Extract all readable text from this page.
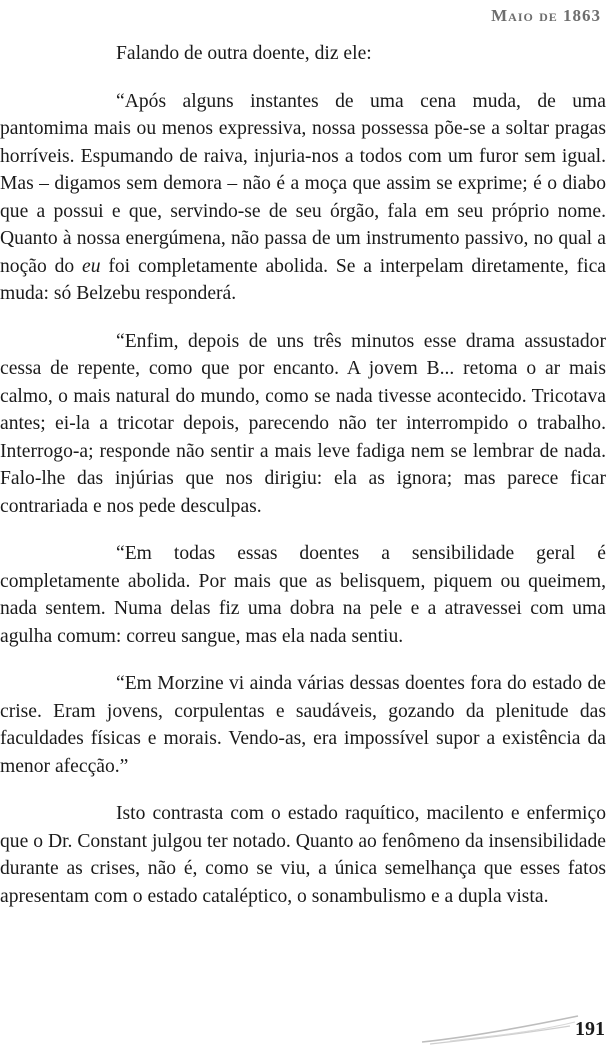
Maio de 1863

Falando de outra doente, diz ele:

“Após alguns instantes de uma cena muda, de uma pantomima mais ou menos expressiva, nossa possessa põe-se a soltar pragas horríveis. Espumando de raiva, injuria-nos a todos com um furor sem igual. Mas – digamos sem demora – não é a moça que assim se exprime; é o diabo que a possui e que, servindo-se de seu órgão, fala em seu próprio nome. Quanto à nossa energúmena, não passa de um instrumento passivo, no qual a noção do eu foi completamente abolida. Se a interpelam diretamente, fica muda: só Belzebu responderá.

“Enfim, depois de uns três minutos esse drama assustador cessa de repente, como que por encanto. A jovem B... retoma o ar mais calmo, o mais natural do mundo, como se nada tivesse acontecido. Tricotava antes; ei-la a tricotar depois, parecendo não ter interrompido o trabalho. Interrogo-a; responde não sentir a mais leve fadiga nem se lembrar de nada. Falo-lhe das injúrias que nos dirigiu: ela as ignora; mas parece ficar contrariada e nos pede desculpas.

“Em todas essas doentes a sensibilidade geral é completamente abolida. Por mais que as belisquem, piquem ou queimem, nada sentem. Numa delas fiz uma dobra na pele e a atravessei com uma agulha comum: correu sangue, mas ela nada sentiu.

“Em Morzine vi ainda várias dessas doentes fora do estado de crise. Eram jovens, corpulentas e saudáveis, gozando da plenitude das faculdades físicas e morais. Vendo-as, era impossível supor a existência da menor afecção.”

Isto contrasta com o estado raquítico, macilento e enfermiço que o Dr. Constant julgou ter notado. Quanto ao fenômeno da insensibilidade durante as crises, não é, como se viu, a única semelhança que esses fatos apresentam com o estado cataléptico, o sonambulismo e a dupla vista.

191
